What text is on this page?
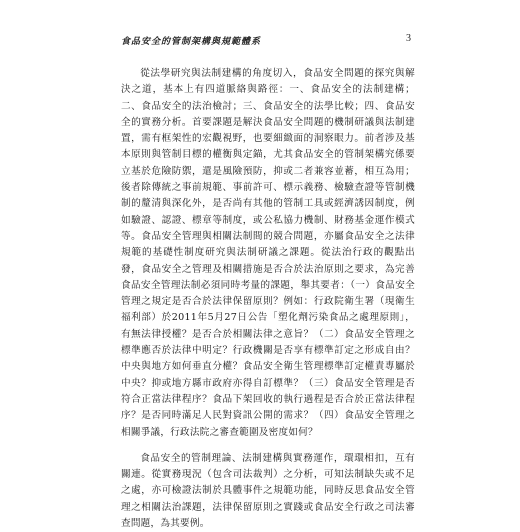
食品安全的管制架構與規範體系	3

從法學研究與法制建構的角度切入，食品安全問題的探究與解決之道，基本上有四道脈絡與路徑：一、食品安全的法制建構；二、食品安全的法治檢討；三、食品安全的法學比較；四、食品安全的實務分析。首要課題是解決食品安全問題的機制研議與法制建置，需有框架性的宏觀視野，也要細緻面的洞察眼力。前者涉及基本原則與管制目標的權衡與定錨，尤其食品安全的管制架構究係要立基於危險防禦，還是風險預防，抑或二者兼容並蓄，相互為用；後者除傳統之事前規範、事前許可、標示義務、檢驗查證等管制機制的釐清與深化外，是否尚有其他的管制工具或經濟誘因制度，例如驗證、認證、標章等制度，或公私協力機制、財務基金運作模式等。食品安全管理與相關法制間的競合問題，亦屬食品安全之法律規範的基礎性制度研究與法制研議之課題。從法治行政的觀點出發，食品安全之管理及相關措施是否合於法治原則之要求，為完善食品安全管理法制必須同時考量的課題，舉其要者：（一）食品安全管理之規定是否合於法律保留原則？例如：行政院衛生署（現衛生福利部）於2011年5月27日公告「塑化劑污染食品之處理原則」，有無法律授權？是否合於相關法律之意旨？（二）食品安全管理之標準應否於法律中明定？行政機關是否享有標準訂定之形成自由？中央與地方如何垂直分權？食品安全衛生管理標準訂定權責專屬於中央？抑或地方縣市政府亦得自訂標準？（三）食品安全管理是否符合正當法律程序？食品下架回收的執行過程是否合於正當法律程序？是否同時滿足人民對資訊公開的需求？（四）食品安全管理之相關爭議，行政法院之審查範圍及密度如何？

食品安全的管制理論、法制建構與實務運作，環環相扣，互有關連。從實務現況（包含司法裁判）之分析，可知法制缺失或不足之處，亦可檢證法制於具體事件之規範功能，同時反思食品安全管理之相關法治課題，法律保留原則之實踐或食品安全行政之司法審查問題，為其要例。
